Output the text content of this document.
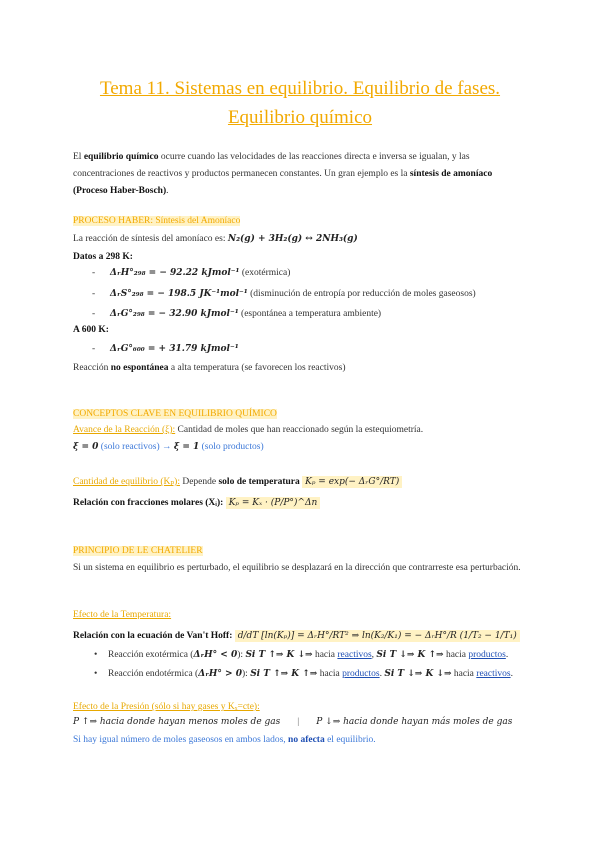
Tema 11. Sistemas en equilibrio. Equilibrio de fases.
Equilibrio químico
El equilibrio químico ocurre cuando las velocidades de las reacciones directa e inversa se igualan, y las concentraciones de reactivos y productos permanecen constantes. Un gran ejemplo es la síntesis de amoníaco (Proceso Haber-Bosch).
PROCESO HABER: Síntesis del Amoníaco
La reacción de síntesis del amoníaco es: N₂(g) + 3H₂(g) ↔ 2NH₃(g)
Datos a 298 K:
- ΔᵣH°₂₉₈ = − 92.22 kJmol⁻¹ (exotérmica)
- ΔᵣS°₂₉₈ = − 198.5 JK⁻¹mol⁻¹ (disminución de entropía por reducción de moles gaseosos)
- ΔᵣG°₂₉₈ = − 32.90 kJmol⁻¹ (espontánea a temperatura ambiente)
A 600 K:
- ΔᵣG°₆₀₀ = + 31.79 kJmol⁻¹
Reacción no espontánea a alta temperatura (se favorecen los reactivos)
CONCEPTOS CLAVE EN EQUILIBRIO QUÍMICO
Avance de la Reacción (ξ): Cantidad de moles que han reaccionado según la estequiometría.
ξ = 0 (solo reactivos) → ξ = 1 (solo productos)
Cantidad de equilibrio (Kₚ): Depende solo de temperatura Kₚ = exp(− ΔᵣG°/RT)
Relación con fracciones molares (Xᵢ): Kₚ = Kₓ · (P/P°)^Δn
PRINCIPIO DE LE CHATELIER
Si un sistema en equilibrio es perturbado, el equilibrio se desplazará en la dirección que contrarreste esa perturbación.
Efecto de la Temperatura:
Relación con la ecuación de Van't Hoff: d/dT [ln(Kₚ)] = ΔᵣH°/RT² ⇒ ln(K₂/K₁) = − ΔᵣH°/R (1/T₂ − 1/T₁)
• Reacción exotérmica (ΔᵣH° < 0): Si T ↑⇒ K ↓⇒ hacia reactivos, Si T ↓⇒ K ↑⇒ hacia productos.
• Reacción endotérmica (ΔᵣH° > 0): Si T ↑⇒ K ↑⇒ hacia productos. Si T ↓⇒ K ↓⇒ hacia reactivos.
Efecto de la Presión (sólo si hay gases y Kₓ=cte):
P ↑⇒ hacia donde hayan menos moles de gas | P ↓⇒ hacia donde hayan más moles de gas
Si hay igual número de moles gaseosos en ambos lados, no afecta el equilibrio.
